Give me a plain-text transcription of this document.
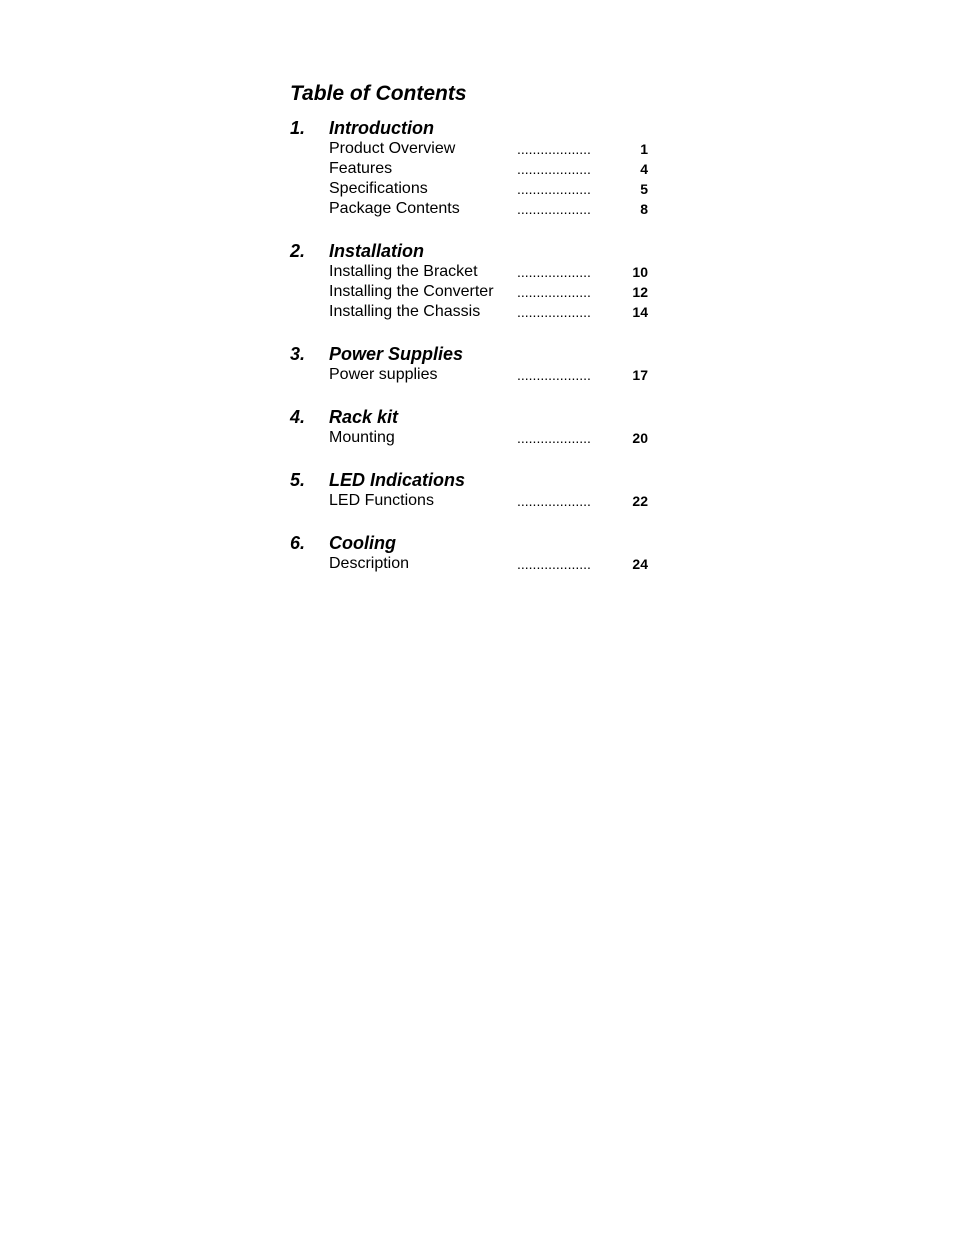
Table of Contents
1.	Introduction
Product Overview	...................	1
Features	...................	4
Specifications	...................	5
Package Contents	...................	8
2.	Installation
Installing the Bracket	...................	10
Installing the Converter	...................	12
Installing the Chassis	...................	14
3.	Power Supplies
Power supplies	...................	17
4.	Rack kit
Mounting	...................	20
5.	LED Indications
LED Functions	...................	22
6.	Cooling
Description	...................	24
